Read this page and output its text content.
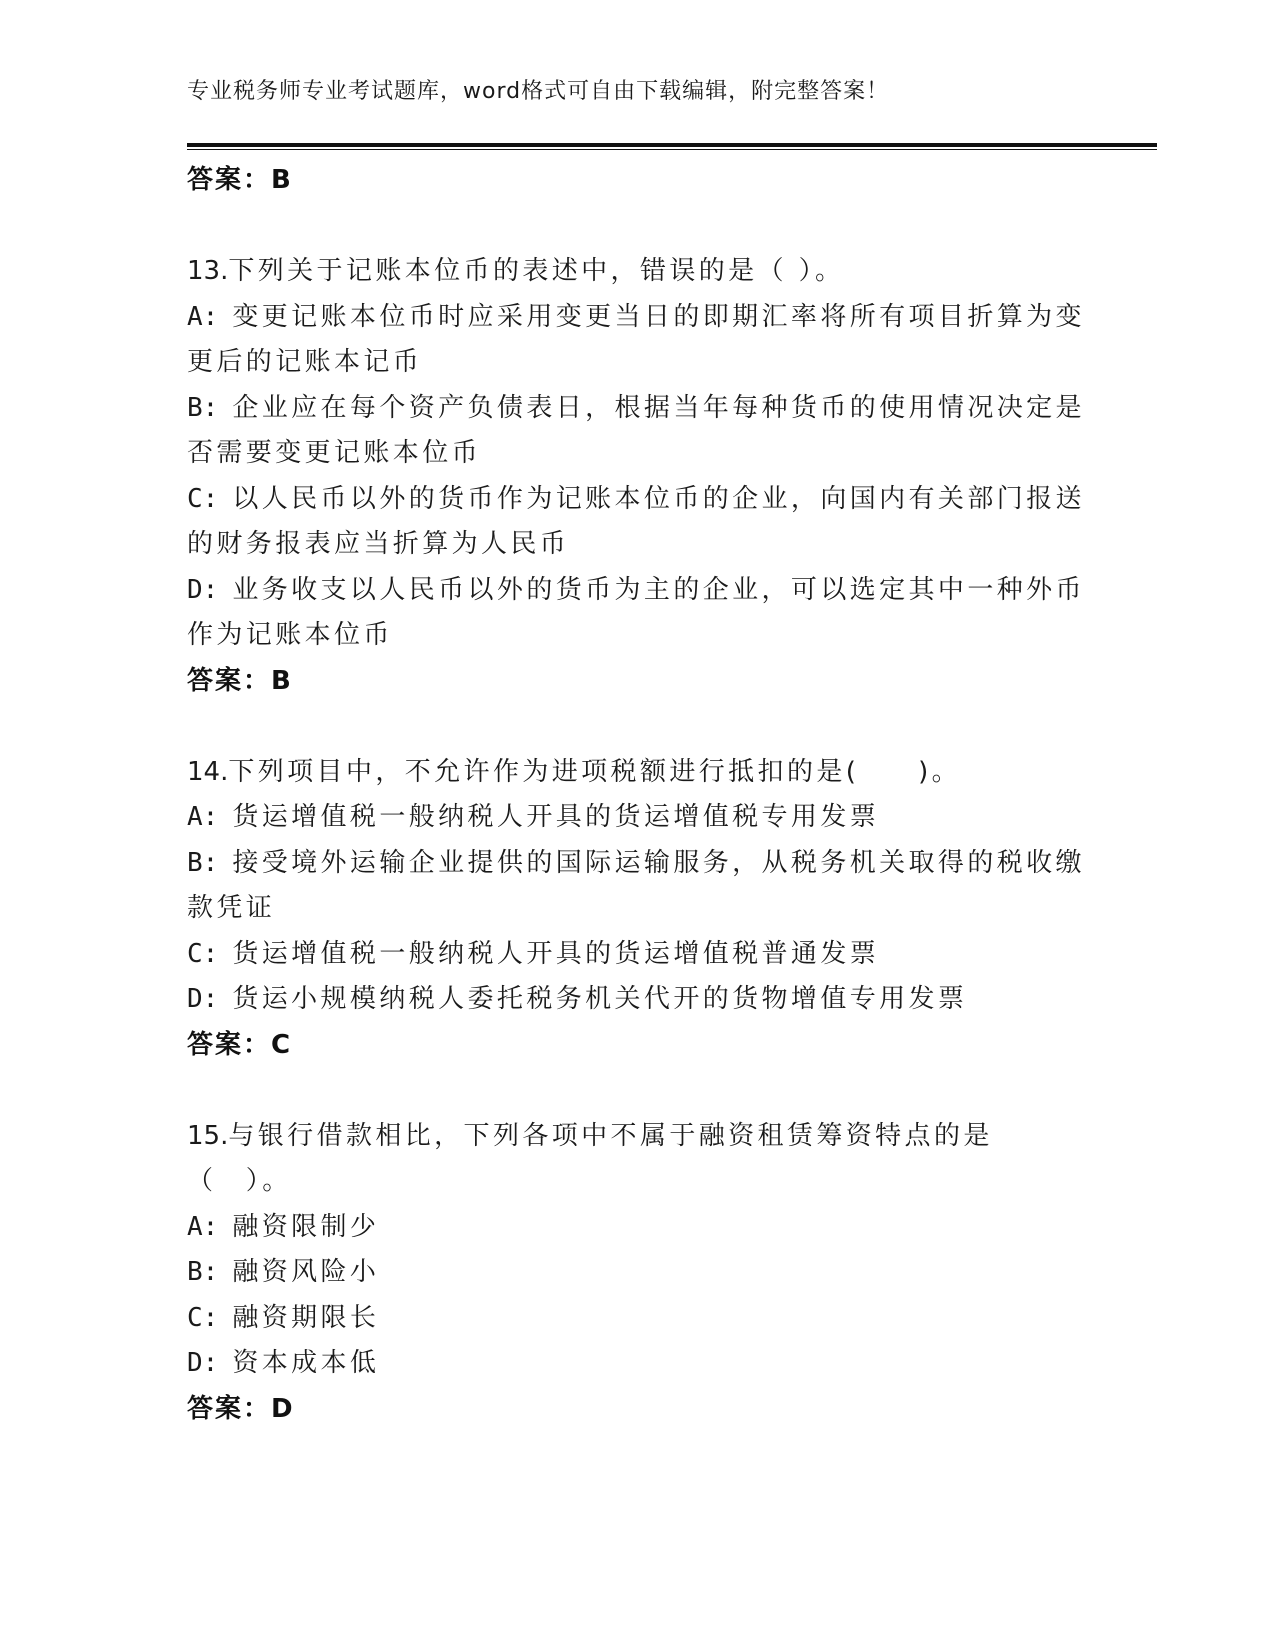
专业税务师专业考试题库，word格式可自由下载编辑，附完整答案！
答案：B
13.下列关于记账本位币的表述中，错误的是（ ）。
A: 变更记账本位币时应采用变更当日的即期汇率将所有项目折算为变更后的记账本记币
B: 企业应在每个资产负债表日，根据当年每种货币的使用情况决定是否需要变更记账本位币
C: 以人民币以外的货币作为记账本位币的企业，向国内有关部门报送的财务报表应当折算为人民币
D: 业务收支以人民币以外的货币为主的企业，可以选定其中一种外币作为记账本位币
答案：B
14.下列项目中，不允许作为进项税额进行抵扣的是(　　)。
A: 货运增值税一般纳税人开具的货运增值税专用发票
B: 接受境外运输企业提供的国际运输服务，从税务机关取得的税收缴款凭证
C: 货运增值税一般纳税人开具的货运增值税普通发票
D: 货运小规模纳税人委托税务机关代开的货物增值专用发票
答案：C
15.与银行借款相比，下列各项中不属于融资租赁筹资特点的是（　）。
A: 融资限制少
B: 融资风险小
C: 融资期限长
D: 资本成本低
答案：D
